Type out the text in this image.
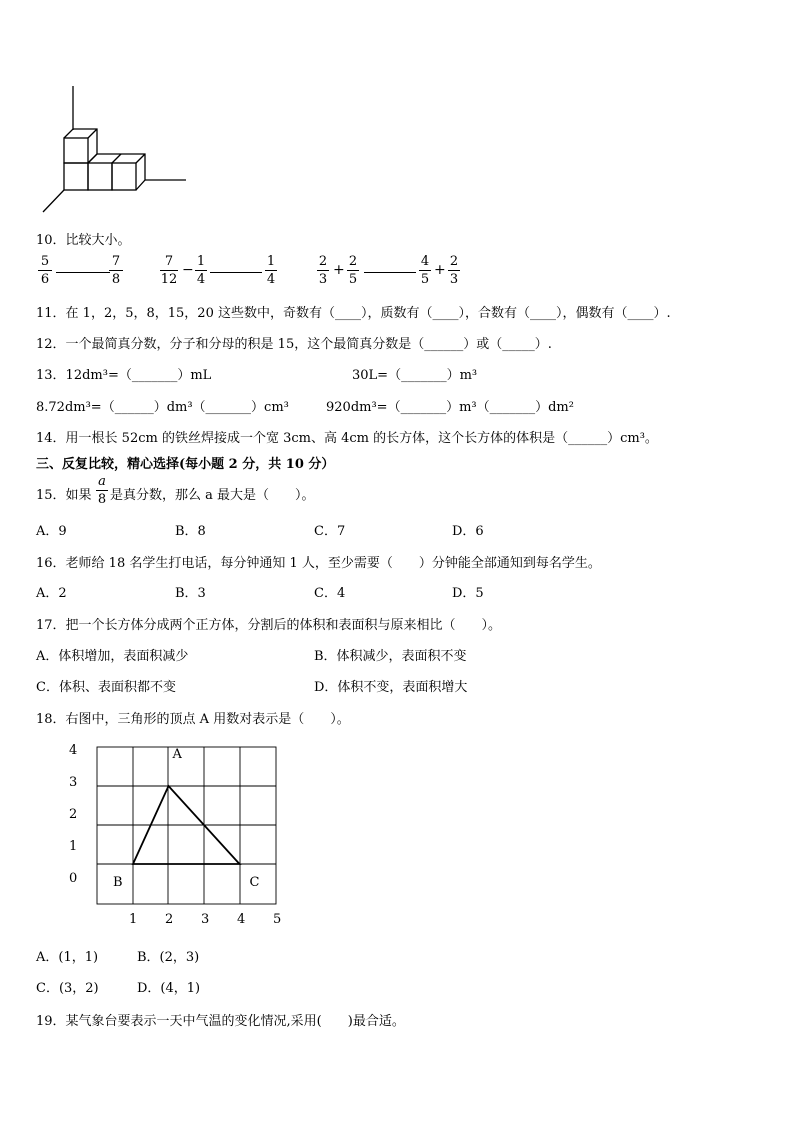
10．比较大小。
$\frac{5}{6}$	$\frac{7}{8}$	$\frac{7}{12} - \frac{1}{4}$	$\frac{1}{4}$	$\frac{2}{3} + \frac{2}{5}$	$\frac{4}{5} + \frac{2}{3}$
11．在 1，2，5，8，15，20 这些数中，奇数有（____），质数有（____），合数有（____），偶数有（____）.
12．一个最简真分数，分子和分母的积是 15，这个最简真分数是（______）或（_____）.
13．12dm³=（_______）mL	30L=（_______）m³
8.72dm³=（______）dm³（_______）cm³	920dm³=（_______）m³（_______）dm²
14．用一根长 52cm 的铁丝焊接成一个宽 3cm、高 4cm 的长方体，这个长方体的体积是（______）cm³。
三、反复比较，精心选择(每小题 2 分，共 10 分）
15．如果 $\frac{a}{8}$ 是真分数，那么 a 最大是（　　）。
A．9	B．8	C．7	D．6
16．老师给 18 名学生打电话，每分钟通知 1 人，至少需要（　　）分钟能全部通知到每名学生。
A．2	B．3	C．4	D．5
17．把一个长方体分成两个正方体，分割后的体积和表面积与原来相比（　　）。
A．体积增加，表面积减少	B．体积减少，表面积不变
C．体积、表面积都不变	D．体积不变，表面积增大
18．右图中，三角形的顶点 A 用数对表示是（　　）。
0
1
2
3
4
1 2 3 4 5
A
B	C
A．(1，1)	B．(2，3)
C．(3，2)	D．(4，1)
19．某气象台要表示一天中气温的变化情况,采用(　　)最合适。
